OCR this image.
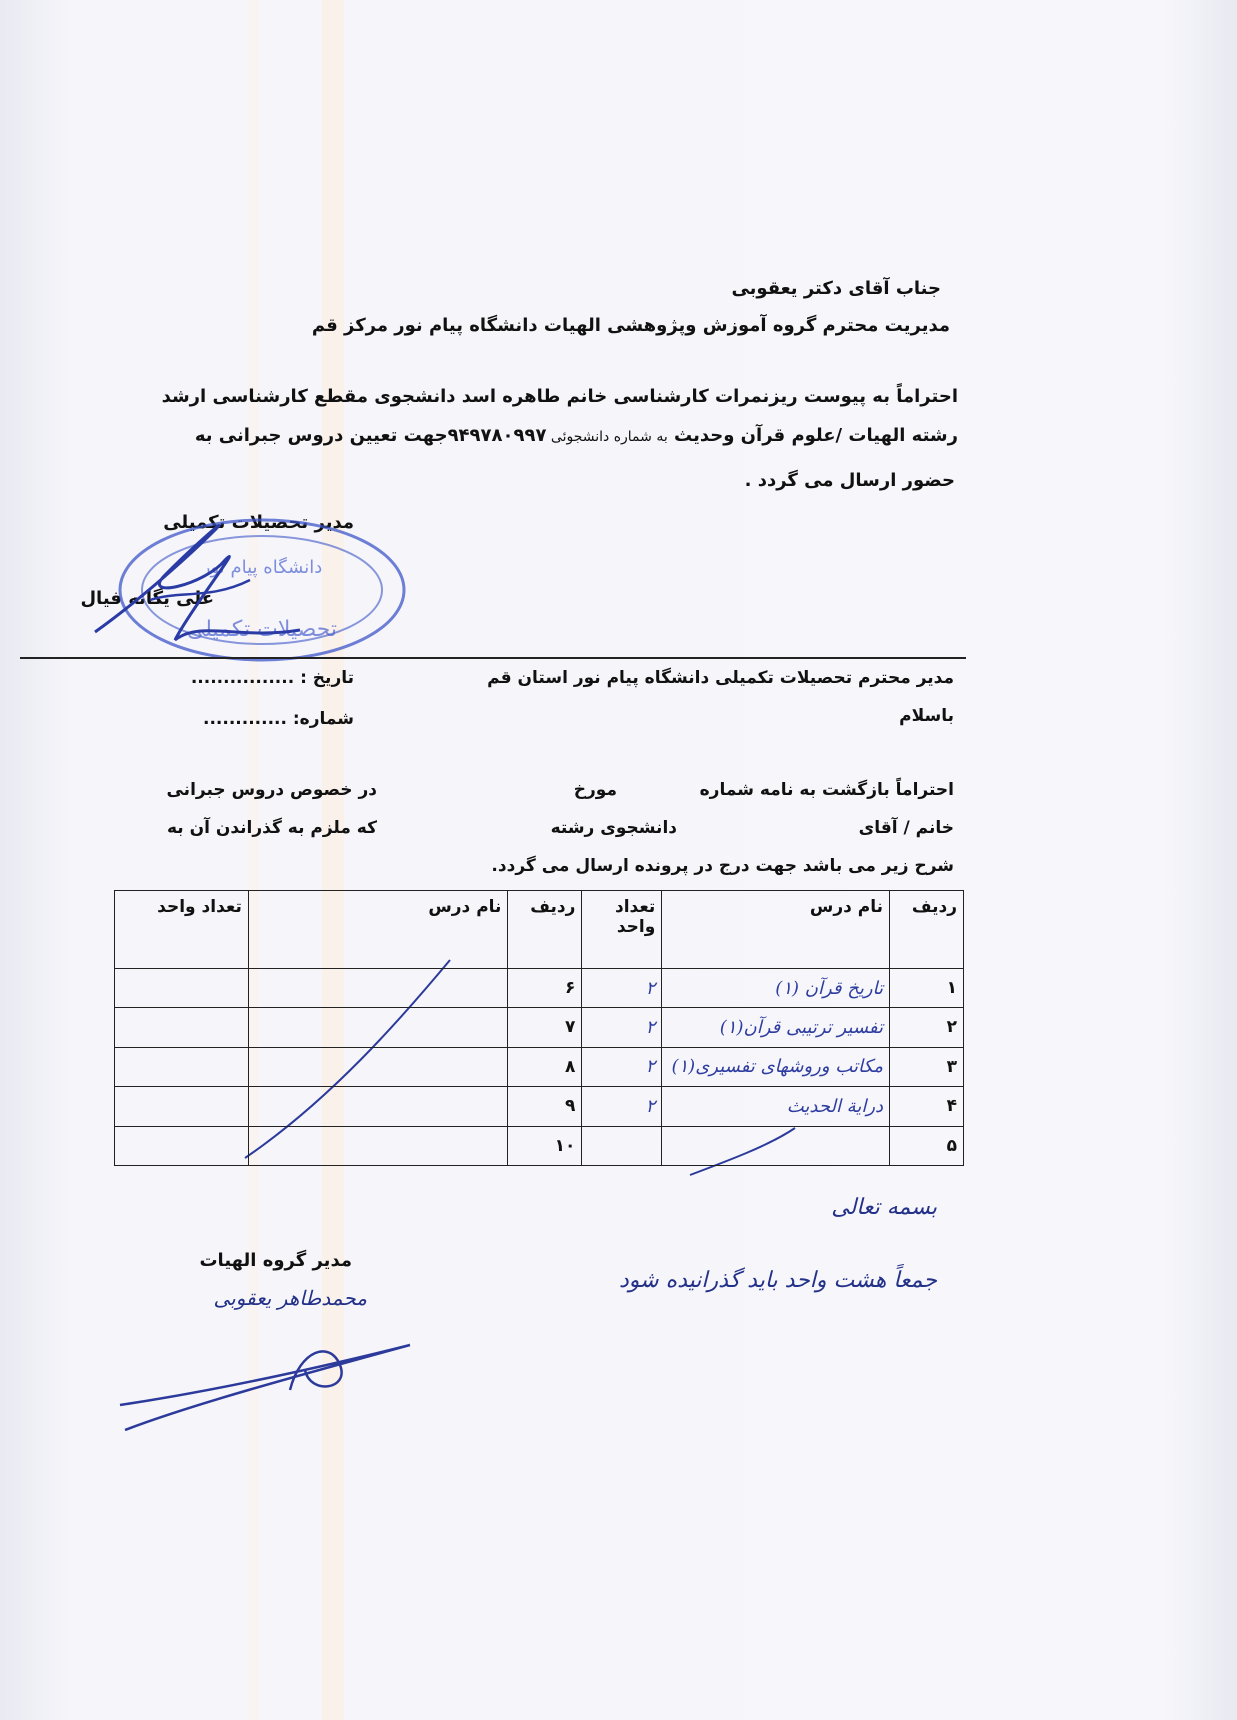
جناب آقای دکتر یعقوبی
مدیریت محترم گروه آموزش وپژوهشی الهیات دانشگاه پیام نور مرکز قم
احتراماً به پیوست ریزنمرات کارشناسی خانم طاهره اسد دانشجوی مقطع کارشناسی ارشد
رشته الهیات /علوم قرآن وحدیث به شماره دانشجوئی ۹۴۹۷۸۰۹۹۷جهت تعیین دروس جبرانی به
حضور ارسال می گردد .
مدیر تحصیلات تکمیلی
علی یگانه فیال
دانشگاه پیام نور
تحصیلات تکمیلی
تاریخ : ................
شماره: .............
مدیر محترم تحصیلات تکمیلی دانشگاه پیام نور استان قم
باسلام
احتراماً بازگشت به نامه شماره
مورخ
در خصوص دروس جبرانی
خانم / آقای
دانشجوی رشته
که ملزم به گذراندن آن به
شرح زیر می باشد جهت درج در پرونده ارسال می گردد.
ردیف	نام درس	تعداد واحد	ردیف	نام درس	تعداد واحد
۱	تاریخ قرآن (۱)	۲	۶		
۲	تفسیر ترتیبی قرآن(۱)	۲	۷		
۳	مکاتب وروشهای تفسیری(۱)	۲	۸		
۴	درایة الحدیث	۲	۹		
۵			۱۰		
بسمه تعالی
جمعاً هشت واحد باید گذرانیده شود
مدیر گروه الهیات
محمدطاهر یعقوبی
